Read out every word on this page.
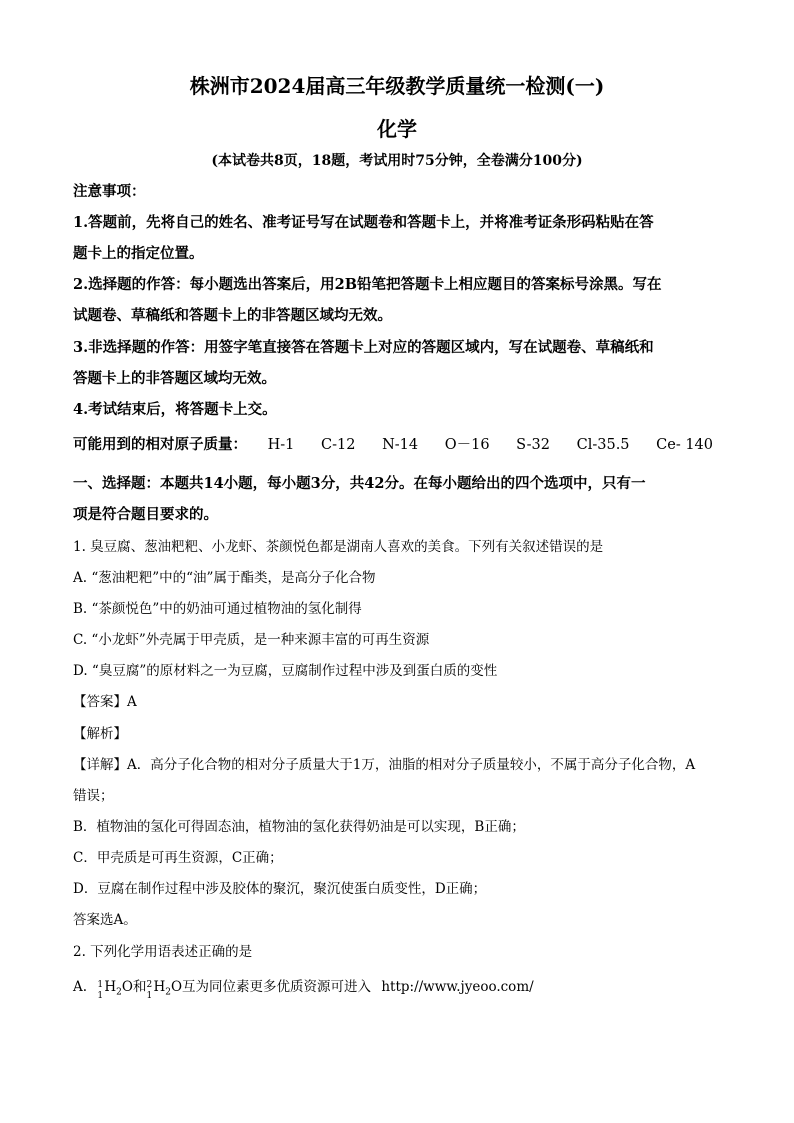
株洲市2024届高三年级教学质量统一检测(一)
化学
(本试卷共8页，18题，考试用时75分钟，全卷满分100分)
注意事项：
1.答题前，先将自己的姓名、准考证号写在试题卷和答题卡上，并将准考证条形码粘贴在答
题卡上的指定位置。
2.选择题的作答：每小题选出答案后，用2B铅笔把答题卡上相应题目的答案标号涂黑。写在
试题卷、草稿纸和答题卡上的非答题区域均无效。
3.非选择题的作答：用签字笔直接答在答题卡上对应的答题区域内，写在试题卷、草稿纸和
答题卡上的非答题区域均无效。
4.考试结束后，将答题卡上交。
可能用到的相对原子质量： H-1 C-12 N-14 O－16 S-32 Cl-35.5 Ce- 140
一、选择题：本题共14小题，每小题3分，共42分。在每小题给出的四个选项中，只有一
项是符合题目要求的。
1. 臭豆腐、葱油粑粑、小龙虾、茶颜悦色都是湖南人喜欢的美食。下列有关叙述错误的是
A. “葱油粑粑”中的“油”属于酯类，是高分子化合物
B. “茶颜悦色”中的奶油可通过植物油的氢化制得
C. “小龙虾”外壳属于甲壳质，是一种来源丰富的可再生资源
D. “臭豆腐”的原材料之一为豆腐，豆腐制作过程中涉及到蛋白质的变性
【答案】A
【解析】
【详解】A．高分子化合物的相对分子质量大于1万，油脂的相对分子质量较小，不属于高分子化合物，A
错误；
B．植物油的氢化可得固态油，植物油的氢化获得奶油是可以实现，B正确；
C．甲壳质是可再生资源，C正确；
D．豆腐在制作过程中涉及胶体的聚沉，聚沉使蛋白质变性，D正确；
答案选A。
2. 下列化学用语表述正确的是
A. 1
1
$H_2O$和 2
1
$H_2O$互为同位素更多优质资源可进入 http://www.jyeoo.com/
